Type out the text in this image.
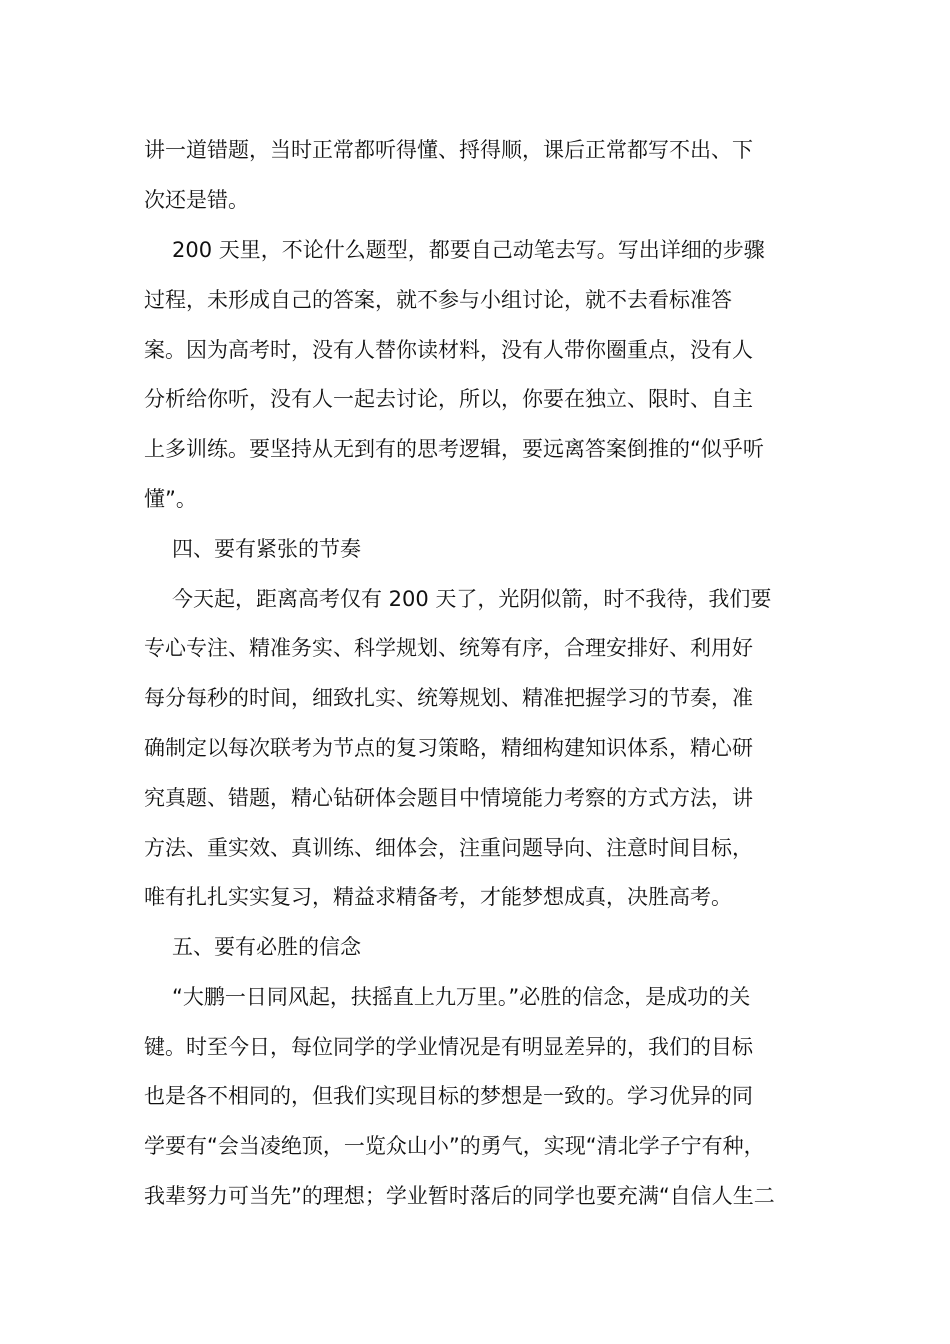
讲一道错题，当时正常都听得懂、捋得顺，课后正常都写不出、下
次还是错。
200 天里，不论什么题型，都要自己动笔去写。写出详细的步骤
过程，未形成自己的答案，就不参与小组讨论，就不去看标准答
案。因为高考时，没有人替你读材料，没有人带你圈重点，没有人
分析给你听，没有人一起去讨论，所以，你要在独立、限时、自主
上多训练。要坚持从无到有的思考逻辑，要远离答案倒推的“似乎听
懂”。
四、要有紧张的节奏
今天起，距离高考仅有 200 天了，光阴似箭，时不我待，我们要
专心专注、精准务实、科学规划、统筹有序，合理安排好、利用好
每分每秒的时间，细致扎实、统筹规划、精准把握学习的节奏，准
确制定以每次联考为节点的复习策略，精细构建知识体系，精心研
究真题、错题，精心钻研体会题目中情境能力考察的方式方法，讲
方法、重实效、真训练、细体会，注重问题导向、注意时间目标，
唯有扎扎实实复习，精益求精备考，才能梦想成真，决胜高考。
五、要有必胜的信念
“大鹏一日同风起，扶摇直上九万里。”必胜的信念，是成功的关
键。时至今日，每位同学的学业情况是有明显差异的，我们的目标
也是各不相同的，但我们实现目标的梦想是一致的。学习优异的同
学要有“会当凌绝顶，一览众山小”的勇气，实现“清北学子宁有种，
我辈努力可当先”的理想；学业暂时落后的同学也要充满“自信人生二
